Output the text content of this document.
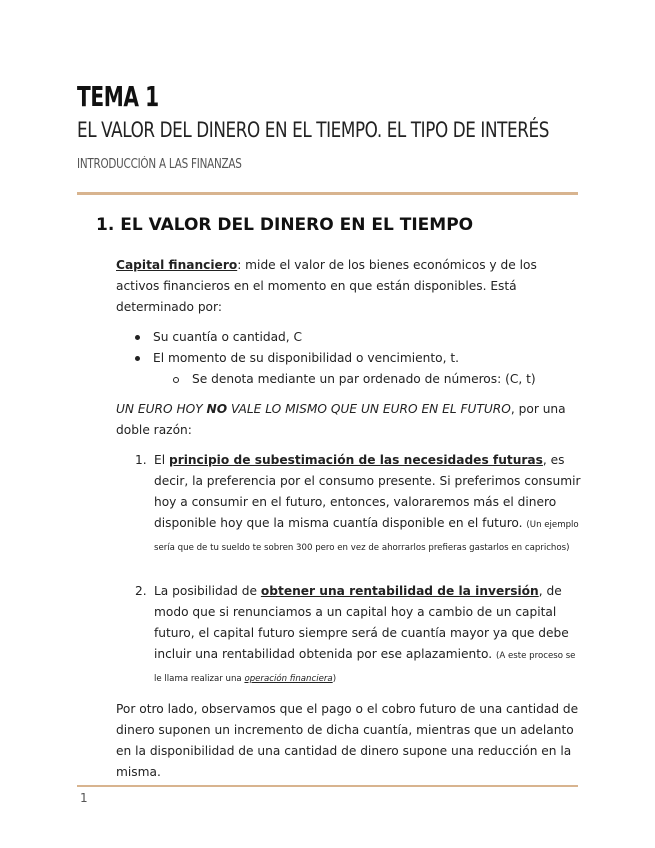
TEMA 1
EL VALOR DEL DINERO EN EL TIEMPO. EL TIPO DE INTERÉS
INTRODUCCIÓN A LAS FINANZAS
1. EL VALOR DEL DINERO EN EL TIEMPO

Capital financiero: mide el valor de los bienes económicos y de los activos financieros en el momento en que están disponibles. Está determinado por:

Su cuantía o cantidad, C
El momento de su disponibilidad o vencimiento, t.
Se denota mediante un par ordenado de números: (C, t)

UN EURO HOY NO VALE LO MISMO QUE UN EURO EN EL FUTURO, por una doble razón:

1. El principio de subestimación de las necesidades futuras, es decir, la preferencia por el consumo presente. Si preferimos consumir hoy a consumir en el futuro, entonces, valoraremos más el dinero disponible hoy que la misma cuantía disponible en el futuro. (Un ejemplo sería que de tu sueldo te sobren 300 pero en vez de ahorrarlos prefieras gastarlos en caprichos)
2. La posibilidad de obtener una rentabilidad de la inversión, de modo que si renunciamos a un capital hoy a cambio de un capital futuro, el capital futuro siempre será de cuantía mayor ya que debe incluir una rentabilidad obtenida por ese aplazamiento. (A este proceso se le llama realizar una operación financiera)

Por otro lado, observamos que el pago o el cobro futuro de una cantidad de dinero suponen un incremento de dicha cuantía, mientras que un adelanto en la disponibilidad de una cantidad de dinero supone una reducción en la misma.

1
